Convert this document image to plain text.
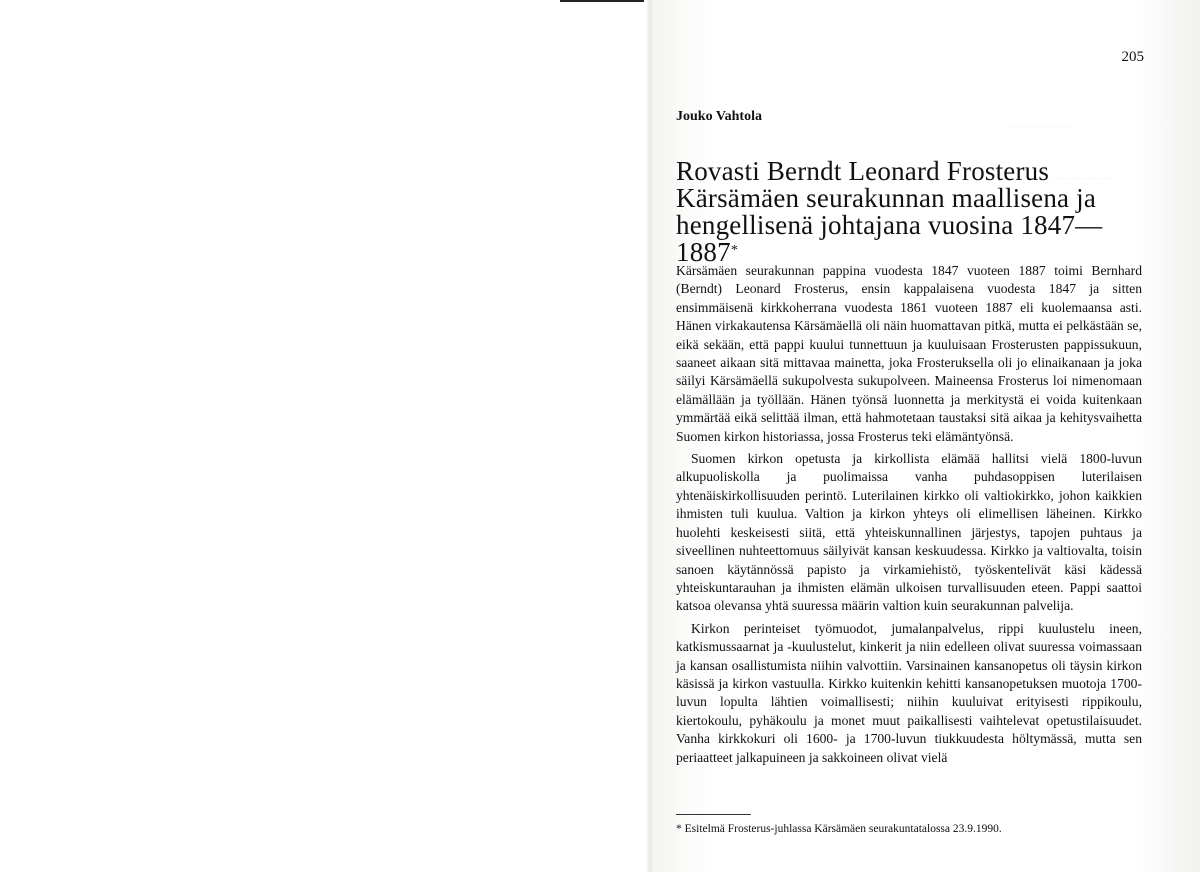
— — — —
— — — —
205
Jouko Vahtola
Rovasti Berndt Leonard Frosterus
Kärsämäen seurakunnan maallisena ja
hengellisenä johtajana vuosina 1847—1887*

Kärsämäen seurakunnan pappina vuodesta 1847 vuoteen 1887 toimi Bernhard (Berndt) Leonard Frosterus, ensin kappalaisena vuodesta 1847 ja sitten ensimmäisenä kirkkoherrana vuodesta 1861 vuoteen 1887 eli kuolemaansa asti. Hänen virkakautensa Kärsämäellä oli näin huomattavan pitkä, mutta ei pelkästään se, eikä sekään, että pappi kuului tunnettuun ja kuuluisaan Frosterusten pappissukuun, saaneet aikaan sitä mittavaa mainetta, joka Frosteruksella oli jo elinaikanaan ja joka säilyi Kärsämäellä sukupolvesta sukupolveen. Maineensa Frosterus loi nimenomaan elämällään ja työllään. Hänen työnsä luonnetta ja merkitystä ei voida kuitenkaan ymmärtää eikä selittää ilman, että hahmotetaan taustaksi sitä aikaa ja kehitysvaihetta Suomen kirkon historiassa, jossa Frosterus teki elämäntyönsä.

Suomen kirkon opetusta ja kirkollista elämää hallitsi vielä 1800-luvun alkupuoliskolla ja puolimaissa vanha puhdasoppisen luterilaisen yhtenäiskirkollisuuden perintö. Luterilainen kirkko oli valtiokirkko, johon kaikkien ihmisten tuli kuulua. Valtion ja kirkon yhteys oli elimellisen läheinen. Kirkko huolehti keskeisesti siitä, että yhteiskunnallinen järjestys, tapojen puhtaus ja siveellinen nuhteettomuus säilyivät kansan keskuudessa. Kirkko ja valtiovalta, toisin sanoen käytännössä papisto ja virkamiehistö, työskentelivät käsi kädessä yhteiskuntarauhan ja ihmisten elämän ulkoisen turvallisuuden eteen. Pappi saattoi katsoa olevansa yhtä suuressa määrin valtion kuin seurakunnan palvelija.

Kirkon perinteiset työmuodot, jumalanpalvelus, rippi kuulustelu ineen, katkismussaarnat ja -kuulustelut, kinkerit ja niin edelleen olivat suuressa voimassaan ja kansan osallistumista niihin valvottiin. Varsinainen kansanopetus oli täysin kirkon käsissä ja kirkon vastuulla. Kirkko kuitenkin kehitti kansanopetuksen muotoja 1700-luvun lopulta lähtien voimallisesti; niihin kuuluivat erityisesti rippikoulu, kiertokoulu, pyhäkoulu ja monet muut paikallisesti vaihtelevat opetustilaisuudet. Vanha kirkkokuri oli 1600- ja 1700-luvun tiukkuudesta höltymässä, mutta sen periaatteet jalkapuineen ja sakkoineen olivat vielä

* Esitelmä Frosterus-juhlassa Kärsämäen seurakuntatalossa 23.9.1990.
